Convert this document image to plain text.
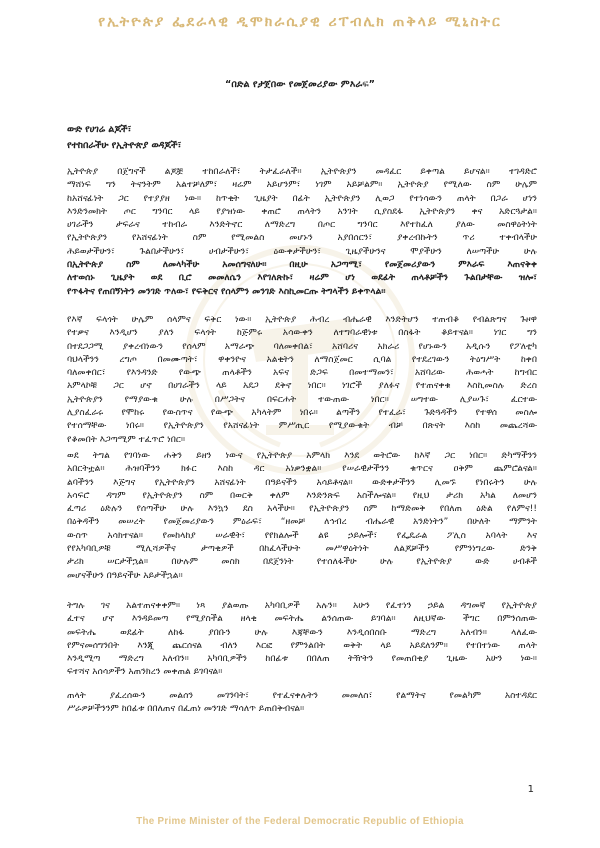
የኢትዮጵያ ፌደራላዊ ዲሞክራሲያዊ ሪፐብሊክ ጠቅላይ ሚኒስትር
“በድል የታጀበው የመጀመሪያው ምእራፍ”
ውድ የሀገሬ ልጆች፣
የተከበራችሁ የኢትዮጵያ ወዳጆች፣
ኢትዮጵያ በጀግኖች ልጆቿ ተከበራለች፣ ትታፈራለች። ኢትዮጵያን መዳፈር ይቀጣል ይሆናል። ተገዳድሮ
ማሸነፍ ግን ትናንትም አልተቻለም፣ ዛሬም አይሆንም፣ ነገም አይቻልም። ኢትዮጵያ የሚለው ስም ሁሌም
ከአሸናፊነት ጋር የተያያዘ ነው። ከጥቂት ጊዜያት በፊት ኢትዮጵያን ሊወጋ የተነሳውን ጠላት በጋራ ሆነን
እንድንመክት ጦር ግንባር ላይ የያዝነው ቀጠሮ ጠላትን አንገት ሲያስደፋ ኢትዮጵያን ቀና አድርጓታል።
ሀገራችን ታፍራና ተከብራ እንድትኖር ለማድረግ በጦር ግንባር እየተከፈለ ያለው መስዋዕትነት
የኢትዮጵያን የአሸናፊነት ስም የሚመልስ መሆኑን አያበሰርን፣ ያቀረብኩትን ጥሪ ተቀብላችሁ
ሕይወታችሁን፣ ጉልበታችሁን፣ ሀብታችሁን፣ ዕውቀታችሁን፣ ጊዜያችሁንና ሞያችሁን ለሠጣችሁ ሁሉ
በኢትዮጵያ ስም ለመላካችሁ አመሰግናለሁ። በዚሁ አጋጣሚ፣ የመጀመሪያውን ምእራፍ እጠናቅቀ
ለተወሰኑ ጊዜያት ወደ ቢሮ መመለሴን እየገለጽኩ፣ ዛሬም ሆነ ወደፊት ጠላቶቻችን ጉልበታቸው ዝሎ፣
የጥፋትና የጠበኝነትን መንገድ ጥለው፣ የፍቅርና የሰላምን መንገድ እስኪመርጡ ትግላችን ይቀጥላል።
የእኛ ፍላጎት ሁሌም ሰላምና ፍቅር ነው። ኢትዮጵያ ሕብረ ብሔራዊ እንድትሆን ተጠብቆ የብልጽግና ጉዞዋ
የተቃና እንዲሆን ያለን ፍላጎት ከጅምሩ አሳውቀን ለተግባራዊነቱ በስፋት ቆይተናል። ነገር ግን
በተደጋጋሚ ያቀረብነውን የሰላም አማራጭ ባለመቀበል፣ አሸባሪና አክራሪ የሆኑውን አዲሱን የፖለቲካ
ባህላችንን ረግጦ በመሙጣት፣ ዋቀንዮና አልቂትን ለማስጀመር ሲባል የተደረገውን ትዕግሥት ከቀበ
ባለመቀበር፣ የእንዳንድ የውጭ ጠላቶችን አፍና ድጋፍ በመተማመን፣ አሸባሪው ሕወሓት ከግብር
አምላኮቹ ጋር ሆኖ በሀገራችን ላይ አደጋ ደቅኖ ነበር። ነገሮች ያለፉና የተጠናቀቁ እስኪመስሉ ድረስ
ኢትዮጵያን የማያውቁ ሁሉ በሥጋትና በፍርሐት ተውጠው ነበር። ሠግተው ሊያሠጉ፣ ፈርተው
ሊያስፈራሩ የሞከሩ የውስጥና የውጭ አካላትም ነበሩ። ልጣችን የተፈራ፣ ጉድጓዳችን የተዋሰ መስሎ
የተሰማቸው ነበሩ። የኢትዮጵያን የአሸናፊነት ምሥጢር የሚያውቁት ብቻ በጽናት እስከ መጨረሻው
የቆመበት እጋጣሚም ተፈጥሮ ነበር።
ወደ ትግል የገባነው ሐቅን ይዘን ነውና የኢትዮጵያ አምላክ እንደ ወትሮው ከእኛ ጋር ነበር። ድካማችንን
አበርትቷል። ሕዝባችንን ክፉር እስከ ዳር አነቃንቋል። የሠራዊታችንን ቁጥርና ዐቅም ጨምሮልናል።
ልባችንን እጅግና የኢትዮጵያን አሸናፊነት በዓይናችን አሳይቶናል። ውድቀታችንን ሊመኙ የነበሩትን ሁሉ
አሳፍሮ ዳግም የኢትዮጵያን ስም በወርቅ ቀለም እንድንጽፍ አስችሎናል። የዚህ ታሪክ አካል ለመሆን
ፈጣሪ ዕድሉን የሰጣችሁ ሁሉ እንኳን ደስ አላችሁ። የኢትዮጵያን ስም ከማድመቅ የበለጠ ዕድል የለምና!!
በዕቅዳችን መሠረት የመጀመሪያውን ምዕራፍ፣ “ዘመቻ ለኅብረ ብሔራዊ አንድነትን” በሁለት ማምንት
ውስጥ አሳክተናል። የመከላከያ ሠራዊት፣ የየክልሎች ልዩ ኃይሎች፣ የፌዴራል ፖሊስ አባላት እና
የየአካባቢዎቹ ሚሊሻዎችና ታጣቂዎች በከፈላችሁት መሥዋዕትነት ለልጆቻችን የምንነግረው ድንቅ
ታሪክ ሠርታችኋል። በሁሉም መስክ በደጀንነት የተሰለፋችሁ ሁሉ የኢትዮጵያ ውድ ሀብቶች
መሆናችሁን በዓይናችሁ አይታችኋል።
ትግሉ ገና አልተጠናቀቀም። ነጻ ያልወጡ አካባቢዎች አሉን። አሁን የፈተነን ኃይል ዳግመኛ የኢትዮጵያ
ፈተና ሆኖ እንዳይመጣ የሚያስችል ዘላቂ መፍትሔ ልንሰጠው ይገባል። ለዚህኛው ችግር በምንሰጠው
መፍትሔ ወደፊት ለከፋ ያበቡን ሁሉ እጃቸውን እንዲሰበስቡ ማድረግ አለብን። ላለፈው
የምናመሰግንበት እንጂ ጨርሰናል ብለን እርፎ የምንልበት ወቅት ላይ አይደለንም። የተበተነው ጠላት
እንዲሚጣ ማድረግ አለብን። አካባቢዎችን ከበፊቱ በበለጠ ትዥትን የመጠበቂያ ጊዜው አሁን ነው።
ፍተሻና አሰሳዎችን አጠንክረን መቀጠል ይገባናል።
ጠላት ያፈረሰውን መልሰን መገንባት፣ የተፈናቀሉትን መመለስ፣ የልማትና የመልካም አስተዳደር
ሥራዎቻችንንም ከበፊቱ በበለጠና በፈጠነ መንገድ ማሳለጥ ይጠበቅብናል።
1
The Prime Minister of the Federal Democratic Republic of Ethiopia
